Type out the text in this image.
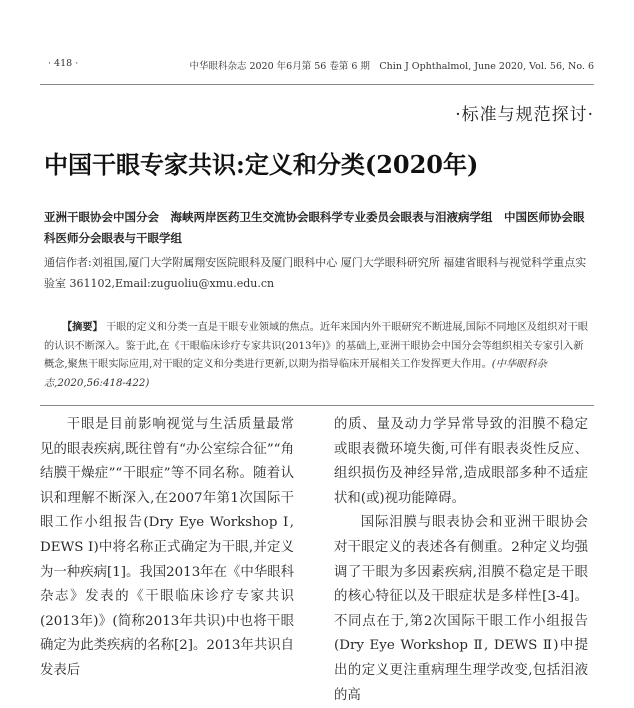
· 418 ·	中华眼科杂志 2020 年6月第 56 卷第 6 期　Chin J Ophthalmol, June 2020, Vol. 56, No. 6
·标准与规范探讨·
中国干眼专家共识:定义和分类(2020年)
亚洲干眼协会中国分会　海峡两岸医药卫生交流协会眼科学专业委员会眼表与泪液病学组　中国医师协会眼科医师分会眼表与干眼学组
通信作者:刘祖国,厦门大学附属翔安医院眼科及厦门眼科中心 厦门大学眼科研究所 福建省眼科与视觉科学重点实验室 361102,Email:zuguoliu@xmu.edu.cn
【摘要】 干眼的定义和分类一直是干眼专业领域的焦点。近年来国内外干眼研究不断进展,国际不同地区及组织对干眼的认识不断深入。鉴于此,在《干眼临床诊疗专家共识(2013年)》的基础上,亚洲干眼协会中国分会等组织相关专家引入新概念,聚焦干眼实际应用,对干眼的定义和分类进行更新,以期为指导临床开展相关工作发挥更大作用。(中华眼科杂志,2020,56:418-422)

干眼是目前影响视觉与生活质量最常见的眼表疾病,既往曾有“办公室综合征”“角结膜干燥症”“干眼症”等不同名称。随着认识和理解不断深入,在2007年第1次国际干眼工作小组报告(Dry Eye Workshop Ⅰ, DEWS Ⅰ)中将名称正式确定为干眼,并定义为一种疾病[1]。我国2013年在《中华眼科杂志》发表的《干眼临床诊疗专家共识(2013年)》(简称2013年共识)中也将干眼确定为此类疾病的名称[2]。2013年共识自发表后

的质、量及动力学异常导致的泪膜不稳定或眼表微环境失衡,可伴有眼表炎性反应、组织损伤及神经异常,造成眼部多种不适症状和(或)视功能障碍。

国际泪膜与眼表协会和亚洲干眼协会对干眼定义的表述各有侧重。2种定义均强调了干眼为多因素疾病,泪膜不稳定是干眼的核心特征以及干眼症状是多样性[3-4]。不同点在于,第2次国际干眼工作小组报告(Dry Eye Workshop Ⅱ, DEWS Ⅱ)中提出的定义更注重病理生理学改变,包括泪液的高
